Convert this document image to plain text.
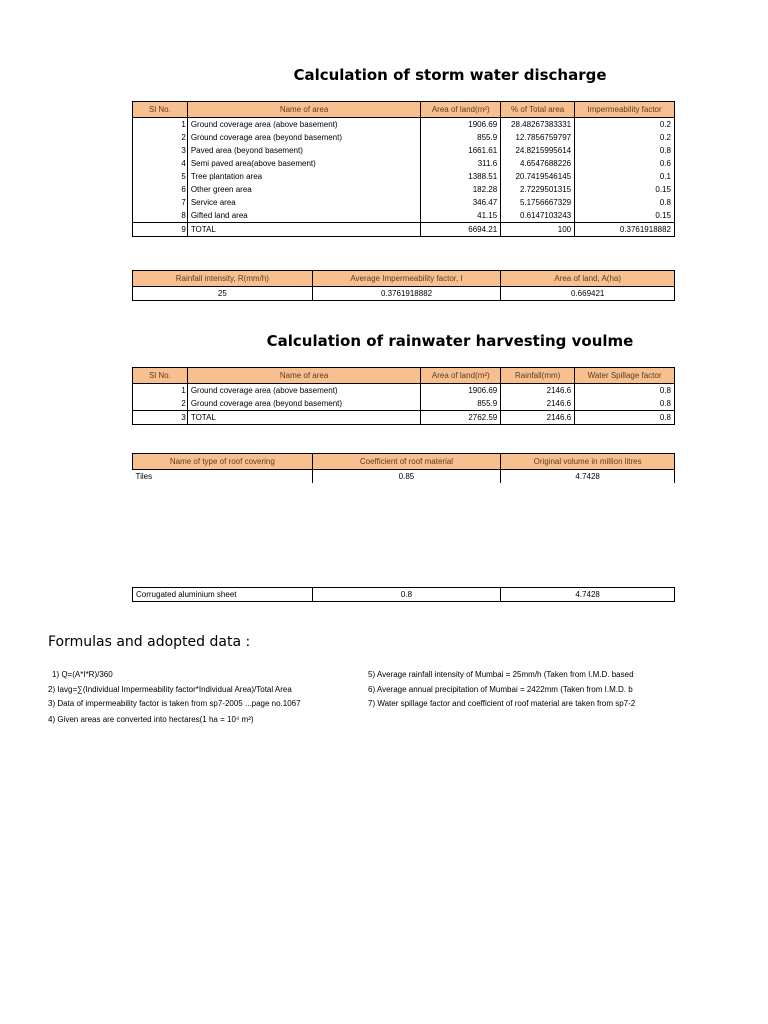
Calculation of storm water discharge
Sl No.	Name of area	Area of land(m²)	% of Total area	Impermeability factor
1	Ground coverage area (above basement)	1906.69	28.48267383331	0.2
2	Ground coverage area (beyond basement)	855.9	12.7856759797	0.2
3	Paved area (beyond basement)	1661.61	24.8215995614	0.8
4	Semi paved area(above basement)	311.6	4.6547688226	0.6
5	Tree plantation area	1388.51	20.7419546145	0.1
6	Other green area	182.28	2.7229501315	0.15
7	Service area	346.47	5.1756667329	0.8
8	Gifted land area	41.15	0.6147103243	0.15
9	TOTAL	6694.21	100	0.3761918882
Rainfall intensity, R(mm/h)	Average Impermeability factor, I	Area of land, A(ha)
25	0.3761918882	0.669421
Calculation of rainwater harvesting voulme
Sl No.	Name of area	Area of land(m²)	Rainfall(mm)	Water Spillage factor
1	Ground coverage area (above basement)	1906.69	2146.6	0.8
2	Ground coverage area (beyond basement)	855.9	2146.6	0.8
3	TOTAL	2762.59	2146.6	0.8
Name of type of roof covering	Coefficient of roof material	Original volume in million litres
Tiles	0.85	4.7428

Corrugated aluminium sheet	0.8	4.7428
Formulas and adopted data :
1) Q=(A*I*R)/360
2) Iavg=∑(Individual Impermeability factor*Individual Area)/Total Area
3) Data of impermeability factor is taken from sp7-2005 ...page no.1067
4) Given areas are converted into hectares(1 ha = 10⁴ m²)
5) Average rainfall intensity of Mumbai = 25mm/h (Taken from I.M.D. based
6) Average annual precipitation of Mumbai = 2422mm (Taken from I.M.D. b
7) Water spillage factor and coefficient of roof material are taken from sp7-2
